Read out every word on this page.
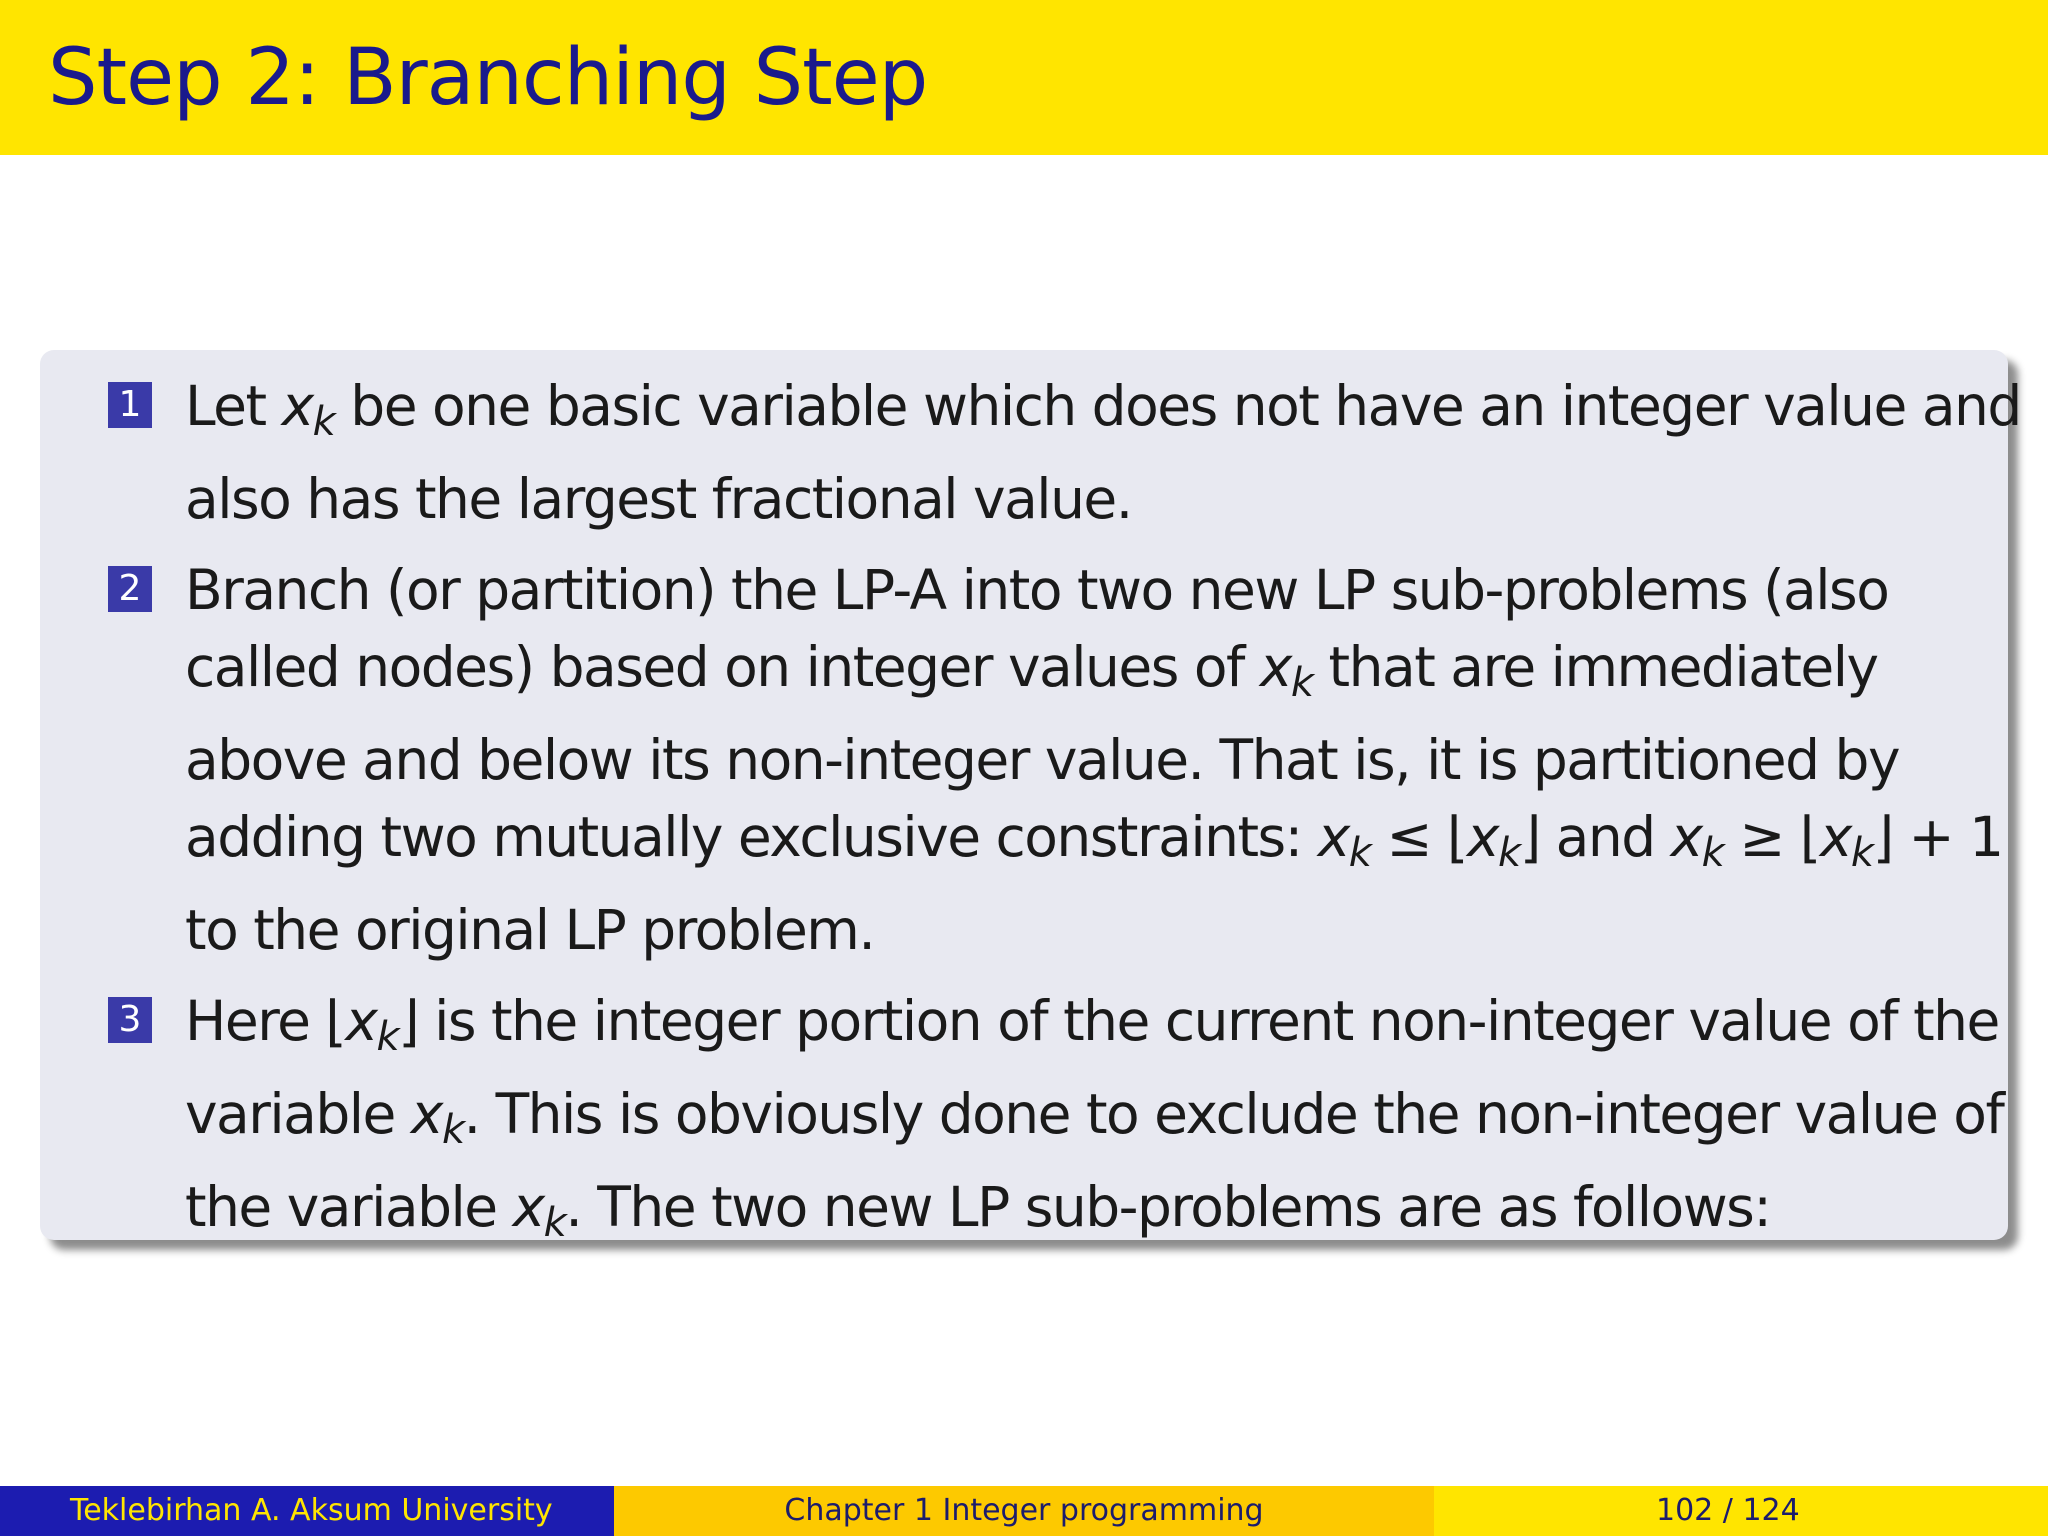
Step 2: Branching Step
1 Let xk be one basic variable which does not have an integer value and also has the largest fractional value.
2 Branch (or partition) the LP-A into two new LP sub-problems (also called nodes) based on integer values of xk that are immediately above and below its non-integer value. That is, it is partitioned by adding two mutually exclusive constraints: xk ≤ ⌊xk⌋ and xk ≥ ⌊xk⌋ + 1 to the original LP problem.
3 Here ⌊xk⌋ is the integer portion of the current non-integer value of the variable xk. This is obviously done to exclude the non-integer value of the variable xk. The two new LP sub-problems are as follows:
Teklebirhan A. Aksum University	Chapter 1 Integer programming	102 / 124
